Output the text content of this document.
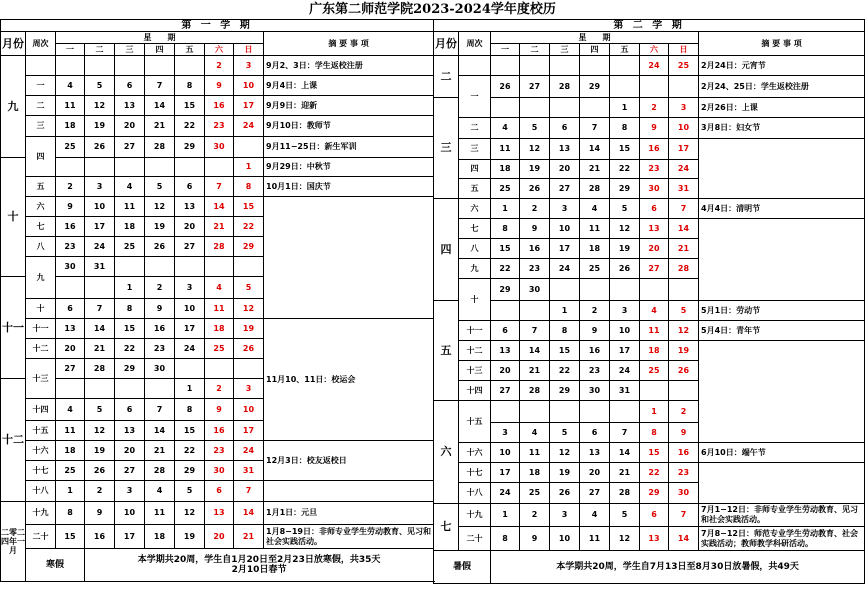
广东第二师范学院2023-2024学年度校历
第 一 学 期									
月份	周次	星　　期							摘 要 事 项
		一	二	三	四	五	六	日	
九							2	3	9月2、3日：学生返校注册
	一	4	5	6	7	8	9	10	9月4日：上课
	二	11	12	13	14	15	16	17	9月9日：迎新
	三	18	19	20	21	22	23	24	9月10日：教师节
	四	25	26	27	28	29	30		9月11−25日：新生军训
十								1	9月29日：中秋节
	五	2	3	4	5	6	7	8	10月1日：国庆节
	六	9	10	11	12	13	14	15	
	七	16	17	18	19	20	21	22	
	八	23	24	25	26	27	28	29	
	九	30	31						
十一				1	2	3	4	5	
	十	6	7	8	9	10	11	12	
	十一	13	14	15	16	17	18	19	11月10、11日：校运会
	十二	20	21	22	23	24	25	26	
	十三	27	28	29	30				
十二						1	2	3	
	十四	4	5	6	7	8	9	10	
	十五	11	12	13	14	15	16	17	
	十六	18	19	20	21	22	23	24	12月3日：校友返校日
	十七	25	26	27	28	29	30	31	
	十八	1	2	3	4	5	6	7	
二零二四年一月	十九	8	9	10	11	12	13	14	1月1日：元旦
	二十	15	16	17	18	19	20	21	1月8−19日：非师专业学生劳动教育、见习和社会实践活动。
	寒假		本学期共20周，学生自1月20日至2月23日放寒假，共35天
2月10日春节						
第 二 学 期									
月份	周次	星　　期							摘 要 事 项
		一	二	三	四	五	六	日	
二							24	25	2月24日：元宵节
	一	26	27	28	29				2月24、25日：学生返校注册
三						1	2	3	2月26日：上课
	二	4	5	6	7	8	9	10	3月8日：妇女节
	三	11	12	13	14	15	16	17	
	四	18	19	20	21	22	23	24	
	五	25	26	27	28	29	30	31	
四	六	1	2	3	4	5	6	7	4月4日：清明节
	七	8	9	10	11	12	13	14	
	八	15	16	17	18	19	20	21	
	九	22	23	24	25	26	27	28	
	十	29	30						
五				1	2	3	4	5	5月1日：劳动节
	十一	6	7	8	9	10	11	12	5月4日：青年节
	十二	13	14	15	16	17	18	19	
	十三	20	21	22	23	24	25	26	
	十四	27	28	29	30	31			
六	十五						1	2	
		3	4	5	6	7	8	9	
	十六	10	11	12	13	14	15	16	6月10日：端午节
	十七	17	18	19	20	21	22	23	
	十八	24	25	26	27	28	29	30	
七	十九	1	2	3	4	5	6	7	7月1−12日：非师专业学生劳动教育、见习和社会实践活动。
	二十	8	9	10	11	12	13	14	7月8−12日：师范专业学生劳动教育、社会实践活动；教师教学科研活动。
暑假		本学期共20周，学生自7月13日至8月30日放暑假，共49天							
